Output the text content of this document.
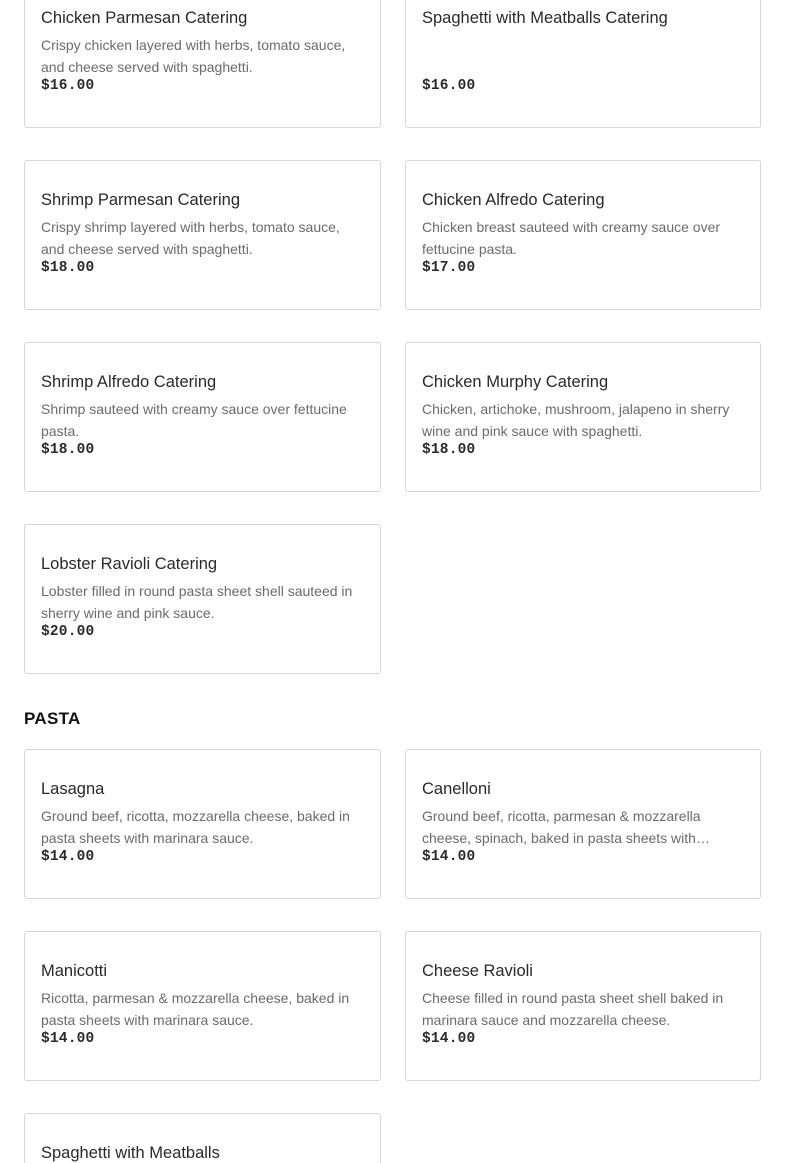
Chicken Parmesan Catering
Crispy chicken layered with herbs, tomato sauce, and cheese served with spaghetti.
$16.00
Spaghetti with Meatballs Catering
$16.00
Shrimp Parmesan Catering
Crispy shrimp layered with herbs, tomato sauce, and cheese served with spaghetti.
$18.00
Chicken Alfredo Catering
Chicken breast sauteed with creamy sauce over fettucine pasta.
$17.00
Shrimp Alfredo Catering
Shrimp sauteed with creamy sauce over fettucine pasta.
$18.00
Chicken Murphy Catering
Chicken, artichoke, mushroom, jalapeno in sherry wine and pink sauce with spaghetti.
$18.00
Lobster Ravioli Catering
Lobster filled in round pasta sheet shell sauteed in sherry wine and pink sauce.
$20.00
PASTA
Lasagna
Ground beef, ricotta, mozzarella cheese, baked in pasta sheets with marinara sauce.
$14.00
Canelloni
Ground beef, ricotta, parmesan & mozzarella cheese, spinach, baked in pasta sheets with…
$14.00
Manicotti
Ricotta, parmesan & mozzarella cheese, baked in pasta sheets with marinara sauce.
$14.00
Cheese Ravioli
Cheese filled in round pasta sheet shell baked in marinara sauce and mozzarella cheese.
$14.00
Spaghetti with Meatballs
